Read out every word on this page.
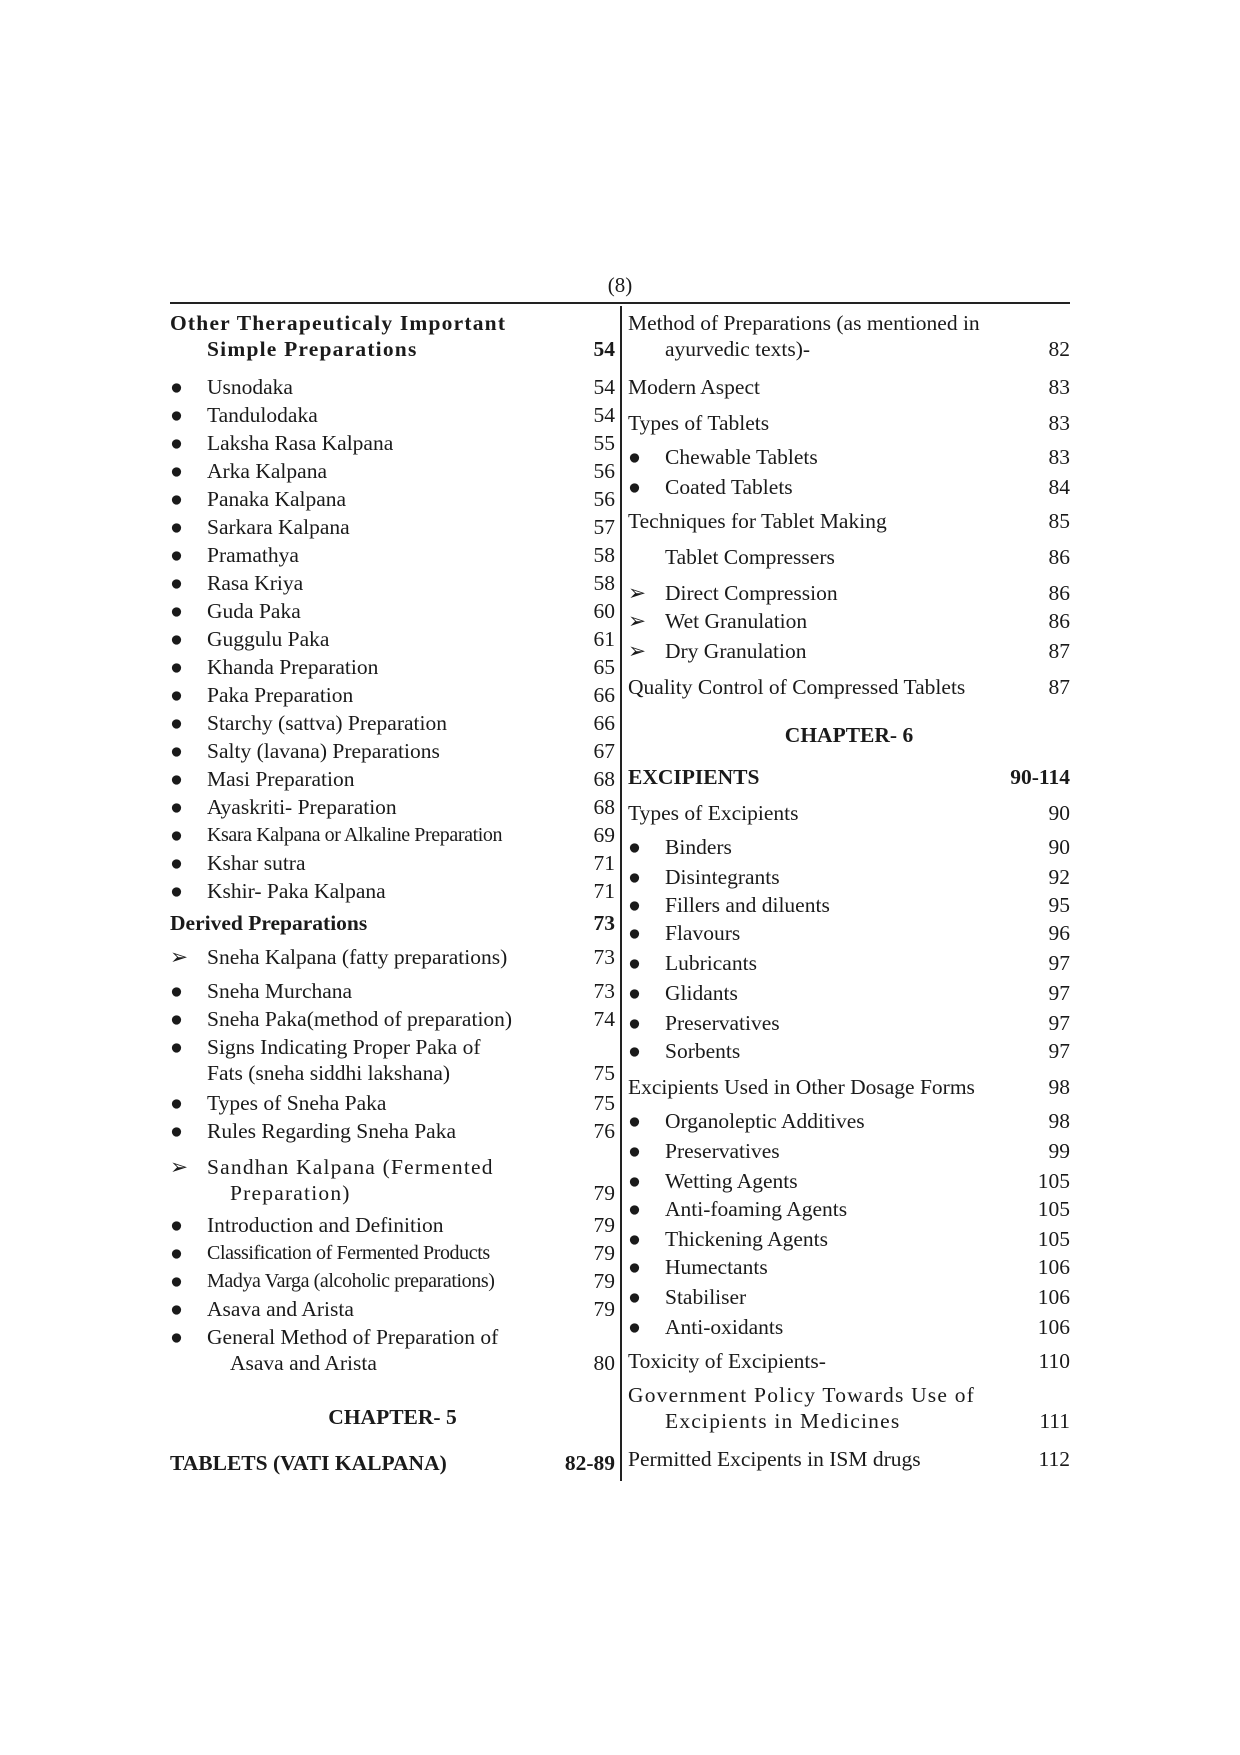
(8)
Other Therapeuticaly Important
Simple Preparations	54
●	Usnodaka	54
●	Tandulodaka	54
●	Laksha Rasa Kalpana	55
●	Arka Kalpana	56
●	Panaka Kalpana	56
●	Sarkara Kalpana	57
●	Pramathya	58
●	Rasa Kriya	58
●	Guda Paka	60
●	Guggulu Paka	61
●	Khanda Preparation	65
●	Paka Preparation	66
●	Starchy (sattva) Preparation	66
●	Salty (lavana) Preparations	67
●	Masi Preparation	68
●	Ayaskriti- Preparation	68
●	Ksara Kalpana or Alkaline Preparation	69
●	Kshar sutra	71
●	Kshir- Paka Kalpana	71
Derived Preparations	73
➢ Sneha Kalpana (fatty preparations)	73
●	Sneha Murchana	73
●	Sneha Paka(method of preparation)	74
●	Signs Indicating Proper Paka of
Fats (sneha siddhi lakshana)	75
●	Types of Sneha Paka	75
●	Rules Regarding Sneha Paka	76
➢ Sandhan Kalpana (Fermented
Preparation)	79
●	Introduction and Definition	79
●	Classification of Fermented Products	79
●	Madya Varga (alcoholic preparations)	79
●	Asava and Arista	79
●	General Method of Preparation of
Asava and Arista	80
CHAPTER- 5
TABLETS (VATI KALPANA)	82-89
Method of Preparations (as mentioned in
ayurvedic texts)-	82
Modern Aspect	83
Types of Tablets	83
●	Chewable Tablets	83
●	Coated Tablets	84
Techniques for Tablet Making	85
Tablet Compressers	86
➢ Direct Compression	86
➢ Wet Granulation	86
➢ Dry Granulation	87
Quality Control of Compressed Tablets	87
CHAPTER- 6
EXCIPIENTS	90-114
Types of Excipients	90
●	Binders	90
●	Disintegrants	92
●	Fillers and diluents	95
●	Flavours	96
●	Lubricants	97
●	Glidants	97
●	Preservatives	97
●	Sorbents	97
Excipients Used in Other Dosage Forms	98
●	Organoleptic Additives	98
●	Preservatives	99
●	Wetting Agents	105
●	Anti-foaming Agents	105
●	Thickening Agents	105
●	Humectants	106
●	Stabiliser	106
●	Anti-oxidants	106
Toxicity of Excipients-	110
Government Policy Towards Use of
Excipients in Medicines	111
Permitted Excipents in ISM drugs	112
